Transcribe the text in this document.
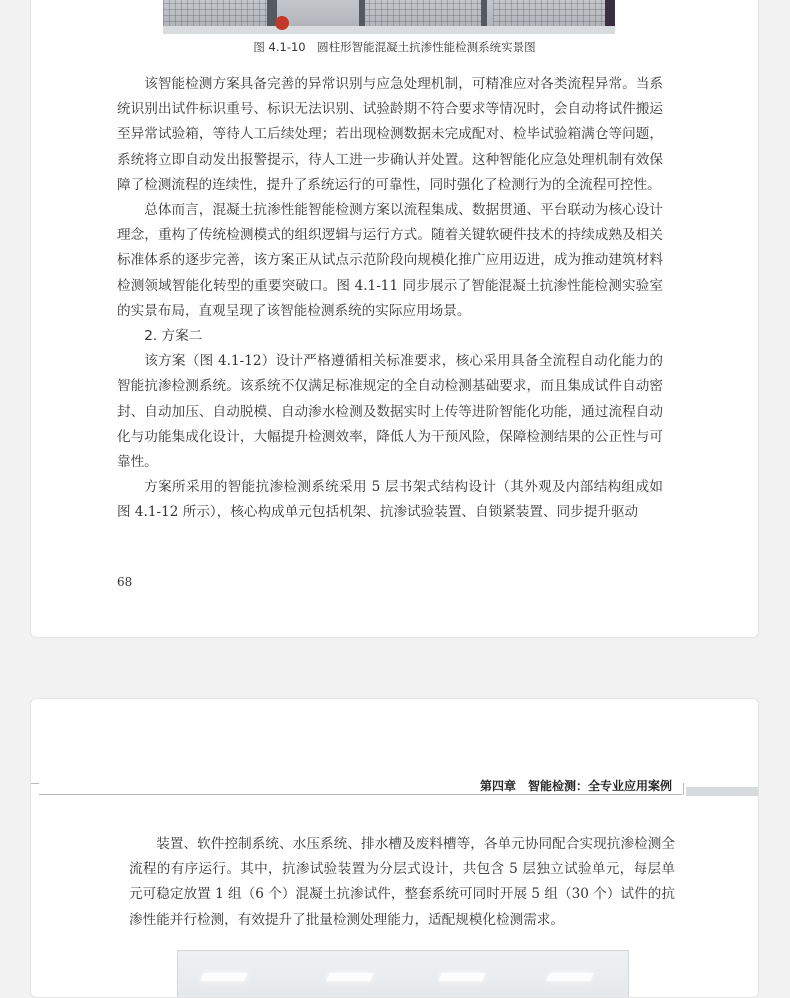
图 4.1-10　圆柱形智能混凝土抗渗性能检测系统实景图

该智能检测方案具备完善的异常识别与应急处理机制，可精准应对各类流程异常。当系统识别出试件标识重号、标识无法识别、试验龄期不符合要求等情况时，会自动将试件搬运至异常试验箱，等待人工后续处理；若出现检测数据未完成配对、检毕试验箱满仓等问题，系统将立即自动发出报警提示，待人工进一步确认并处置。这种智能化应急处理机制有效保障了检测流程的连续性，提升了系统运行的可靠性，同时强化了检测行为的全流程可控性。

总体而言，混凝土抗渗性能智能检测方案以流程集成、数据贯通、平台联动为核心设计理念，重构了传统检测模式的组织逻辑与运行方式。随着关键软硬件技术的持续成熟及相关标准体系的逐步完善，该方案正从试点示范阶段向规模化推广应用迈进，成为推动建筑材料检测领域智能化转型的重要突破口。图 4.1-11 同步展示了智能混凝土抗渗性能检测实验室的实景布局，直观呈现了该智能检测系统的实际应用场景。

2. 方案二

该方案（图 4.1-12）设计严格遵循相关标准要求，核心采用具备全流程自动化能力的智能抗渗检测系统。该系统不仅满足标准规定的全自动检测基础要求，而且集成试件自动密封、自动加压、自动脱模、自动渗水检测及数据实时上传等进阶智能化功能，通过流程自动化与功能集成化设计，大幅提升检测效率，降低人为干预风险，保障检测结果的公正性与可靠性。

方案所采用的智能抗渗检测系统采用 5 层书架式结构设计（其外观及内部结构组成如图 4.1-12 所示），核心构成单元包括机架、抗渗试验装置、自锁紧装置、同步提升驱动

68
第四章　智能检测：全专业应用案例

装置、软件控制系统、水压系统、排水槽及废料槽等，各单元协同配合实现抗渗检测全流程的有序运行。其中，抗渗试验装置为分层式设计，共包含 5 层独立试验单元，每层单元可稳定放置 1 组（6 个）混凝土抗渗试件，整套系统可同时开展 5 组（30 个）试件的抗渗性能并行检测，有效提升了批量检测处理能力，适配规模化检测需求。
